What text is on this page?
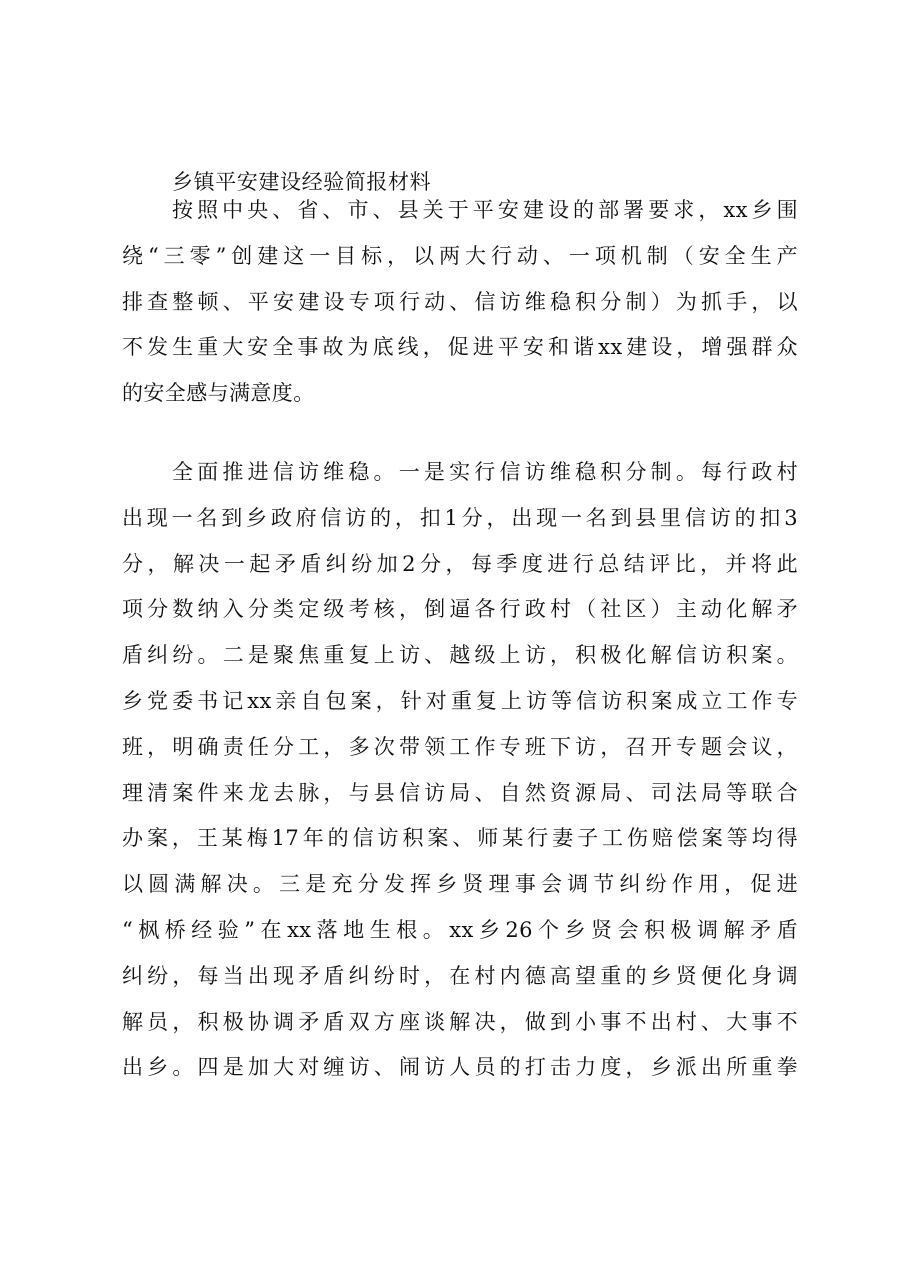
乡镇平安建设经验简报材料
按照中央、省、市、县关于平安建设的部署要求，xx乡围
绕“三零”创建这一目标，以两大行动、一项机制（安全生产
排查整顿、平安建设专项行动、信访维稳积分制）为抓手，以
不发生重大安全事故为底线，促进平安和谐xx建设，增强群众
的安全感与满意度。
全面推进信访维稳。一是实行信访维稳积分制。每行政村
出现一名到乡政府信访的，扣1分，出现一名到县里信访的扣3
分，解决一起矛盾纠纷加2分，每季度进行总结评比，并将此
项分数纳入分类定级考核，倒逼各行政村（社区）主动化解矛
盾纠纷。二是聚焦重复上访、越级上访，积极化解信访积案。
乡党委书记xx亲自包案，针对重复上访等信访积案成立工作专
班，明确责任分工，多次带领工作专班下访，召开专题会议，
理清案件来龙去脉，与县信访局、自然资源局、司法局等联合
办案，王某梅17年的信访积案、师某行妻子工伤赔偿案等均得
以圆满解决。三是充分发挥乡贤理事会调节纠纷作用，促进
“枫桥经验”在xx落地生根。xx乡26个乡贤会积极调解矛盾
纠纷，每当出现矛盾纠纷时，在村内德高望重的乡贤便化身调
解员，积极协调矛盾双方座谈解决，做到小事不出村、大事不
出乡。四是加大对缠访、闹访人员的打击力度，乡派出所重拳
